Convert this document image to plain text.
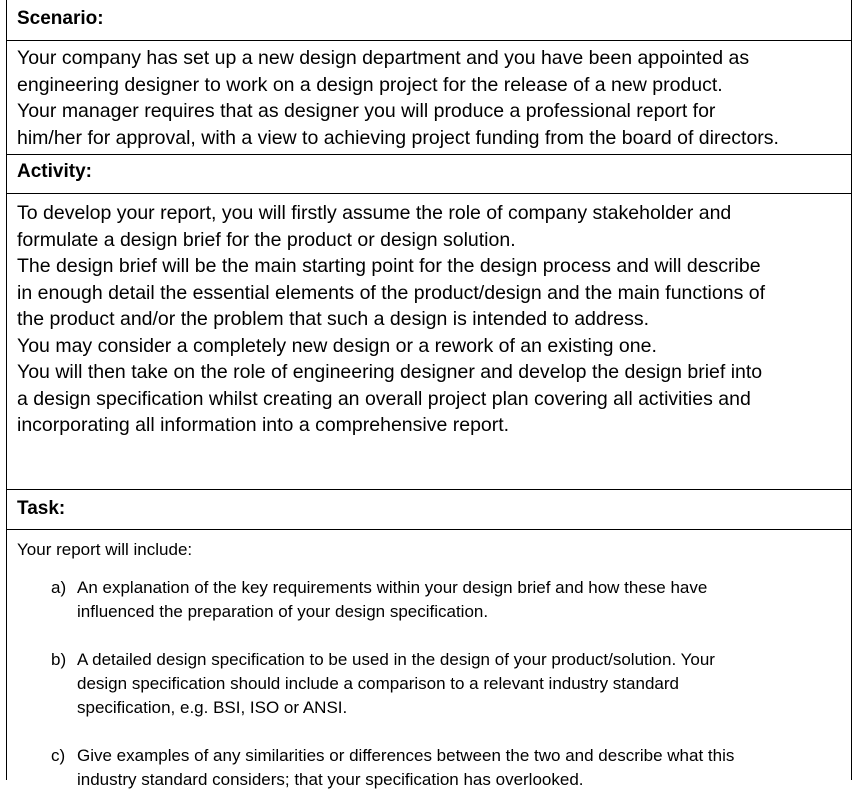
Scenario:
Your company has set up a new design department and you have been appointed as
engineering designer to work on a design project for the release of a new product.
Your manager requires that as designer you will produce a professional report for
him/her for approval, with a view to achieving project funding from the board of directors.
Activity:
To develop your report, you will firstly assume the role of company stakeholder and
formulate a design brief for the product or design solution.
The design brief will be the main starting point for the design process and will describe
in enough detail the essential elements of the product/design and the main functions of
the product and/or the problem that such a design is intended to address.
You may consider a completely new design or a rework of an existing one.
You will then take on the role of engineering designer and develop the design brief into
a design specification whilst creating an overall project plan covering all activities and
incorporating all information into a comprehensive report.
Task:
Your report will include:
a) An explanation of the key requirements within your design brief and how these have
influenced the preparation of your design specification.
b) A detailed design specification to be used in the design of your product/solution. Your
design specification should include a comparison to a relevant industry standard
specification, e.g. BSI, ISO or ANSI.
c) Give examples of any similarities or differences between the two and describe what this
industry standard considers; that your specification has overlooked.
